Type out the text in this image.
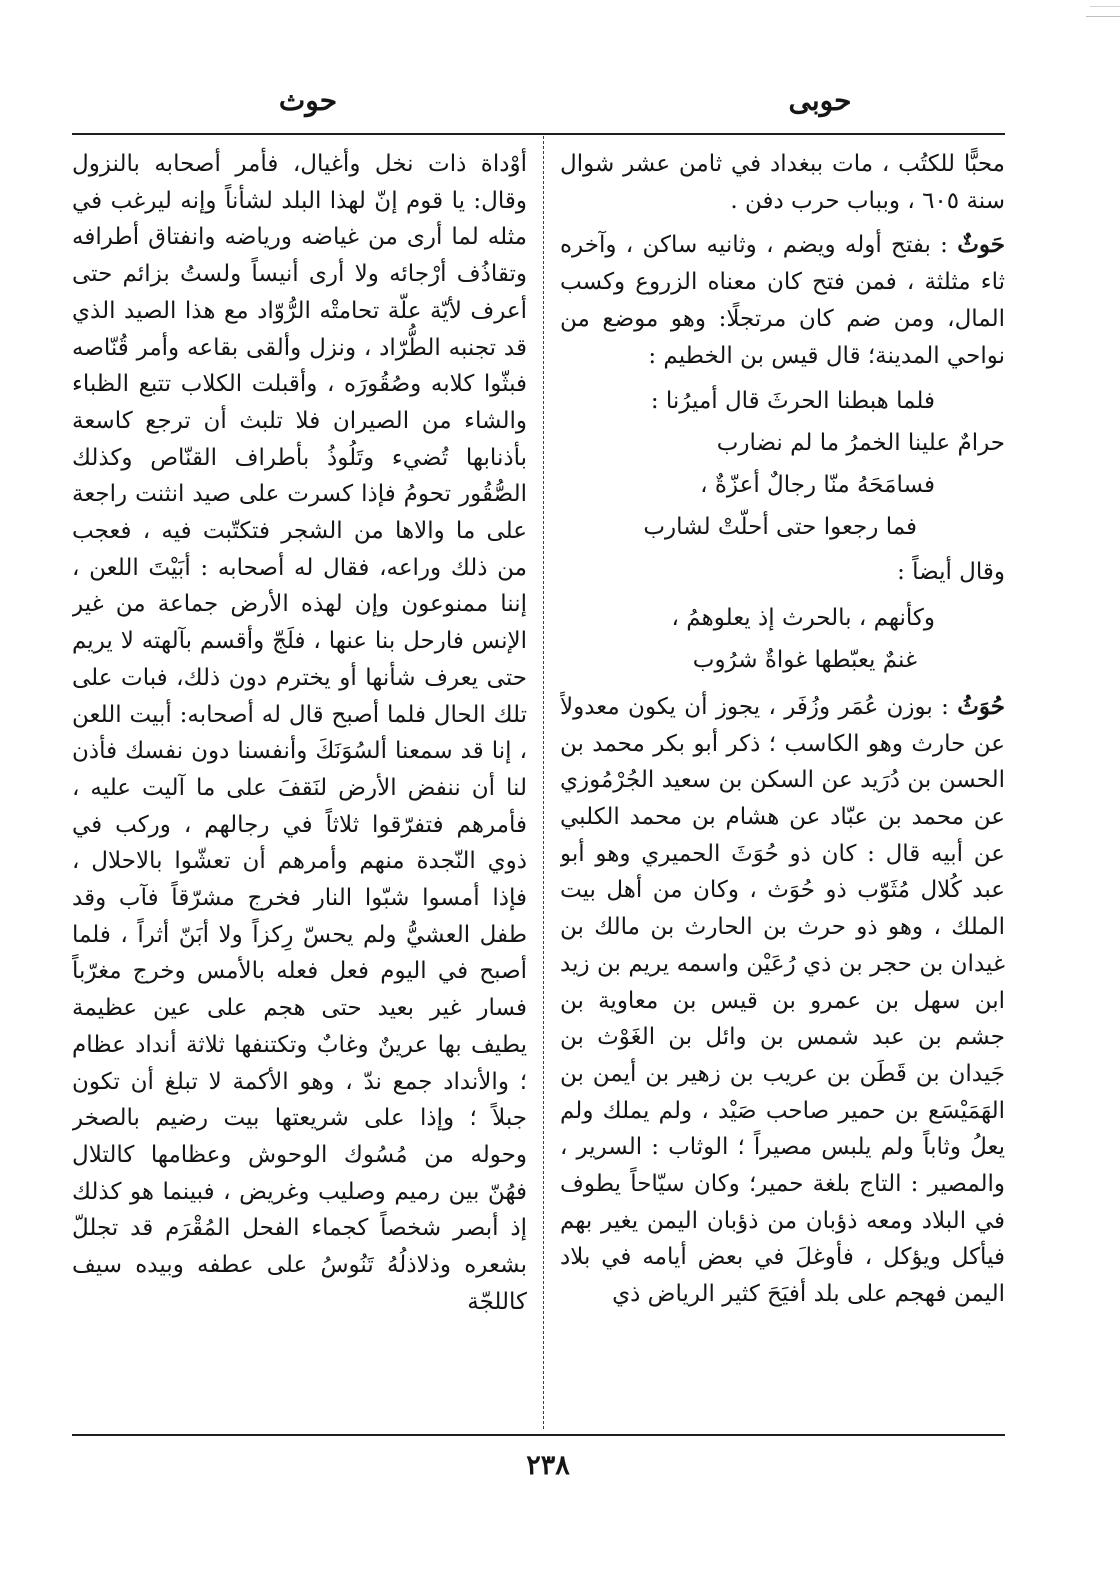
حوبى
حوث

محبًّا للكتُب ، مات ببغداد في ثامن عشر شوال سنة ٦٠٥ ، وبباب حرب دفن .

حَوثٌ : بفتح أوله ويضم ، وثانيه ساكن ، وآخره ثاء مثلثة ، فمن فتح كان معناه الزروع وكسب المال، ومن ضم كان مرتجلًا: وهو موضع من نواحي المدينة؛ قال قيس بن الخطيم :

فلما هبطنا الحرثَ قال أميرُنا :
حرامٌ علينا الخمرُ ما لم نضارب
فسامَحَهُ منّا رجالٌ أعزّةٌ ،
فما رجعوا حتى أحلّتْ لشارب

وقال أيضاً :

وكأنهم ، بالحرث إذ يعلوهمُ ،
غنمٌ يعبّطها غواةٌ شرُوب

حُوَثُ : بوزن عُمَر وزُفَر ، يجوز أن يكون معدولاً عن حارث وهو الكاسب ؛ ذكر أبو بكر محمد بن الحسن بن دُرَيد عن السكن بن سعيد الجُرْمُوزي عن محمد بن عبّاد عن هشام بن محمد الكلبي عن أبيه قال : كان ذو حُوَثَ الحميري وهو أبو عبد كُلال مُثَوّب ذو حُوَث ، وكان من أهل بيت الملك ، وهو ذو حرث بن الحارث بن مالك بن غيدان بن حجر بن ذي رُعَيْن واسمه يريم بن زيد ابن سهل بن عمرو بن قيس بن معاوية بن جشم بن عبد شمس بن وائل بن الغَوْث بن جَيدان بن قَطَن بن عريب بن زهير بن أيمن بن الهَمَيْسَع بن حمير صاحب صَيْد ، ولم يملك ولم يعلُ وثاباً ولم يلبس مصيراً ؛ الوثاب : السرير ، والمصير : التاج بلغة حمير؛ وكان سيّاحاً يطوف في البلاد ومعه ذؤبان من ذؤبان اليمن يغير بهم فيأكل ويؤكل ، فأوغلَ في بعض أيامه في بلاد اليمن فهجم على بلد أفيَحَ كثير الرياض ذي

أوْداة ذات نخل وأغيال، فأمر أصحابه بالنزول وقال: يا قوم إنّ لهذا البلد لشأناً وإنه ليرغب في مثله لما أرى من غياضه ورياضه وانفتاق أطرافه وتقاذُف أرْجائه ولا أرى أنيساً ولستُ بزائم حتى أعرف لأيّة علّة تحامتْه الرُّوّاد مع هذا الصيد الذي قد تجنبه الطُّرّاد ، ونزل وألقى بقاعه وأمر قُنّاصه فبثّوا كلابه وصُقُورَه ، وأقبلت الكلاب تتبع الظباء والشاء من الصيران فلا تلبث أن ترجع كاسعة بأذنابها تُضيء وتَلُوذُ بأطراف القنّاص وكذلك الصُّقُور تحومُ فإذا كسرت على صيد انثنت راجعة على ما والاها من الشجر فتكتّبت فيه ، فعجب من ذلك وراعه، فقال له أصحابه : أبَيْتَ اللعن ، إننا ممنوعون وإن لهذه الأرض جماعة من غير الإنس فارحل بنا عنها ، فلَجّ وأقسم بآلهته لا يريم حتى يعرف شأنها أو يخترم دون ذلك، فبات على تلك الحال فلما أصبح قال له أصحابه: أبيت اللعن ، إنا قد سمعنا ألسُوَنَكَ وأنفسنا دون نفسك فأذن لنا أن ننفض الأرض لنَقفَ على ما آليت عليه ، فأمرهم فتفرّقوا ثلاثاً في رجالهم ، وركب في ذوي النّجدة منهم وأمرهم أن تعشّوا بالاحلال ، فإذا أمسوا شبّوا النار فخرج مشرّقاً فآب وقد طفل العشيُّ ولم يحسّ رِكزاً ولا أبَنّ أثراً ، فلما أصبح في اليوم فعل فعله بالأمس وخرج مغرّباً فسار غير بعيد حتى هجم على عين عظيمة يطيف بها عرينٌ وغابٌ وتكتنفها ثلاثة أنداد عظام ؛ والأنداد جمع ندّ ، وهو الأكمة لا تبلغ أن تكون جبلاً ؛ وإذا على شريعتها بيت رضيم بالصخر وحوله من مُسُوك الوحوش وعظامها كالتلال فهُنّ بين رميم وصليب وغريض ، فبينما هو كذلك إذ أبصر شخصاً كجماء الفحل المُقْرَم قد تجللّ بشعره وذلاذلُهُ تَنُوسُ على عطفه وبيده سيف كاللجّة

٢٣٨
